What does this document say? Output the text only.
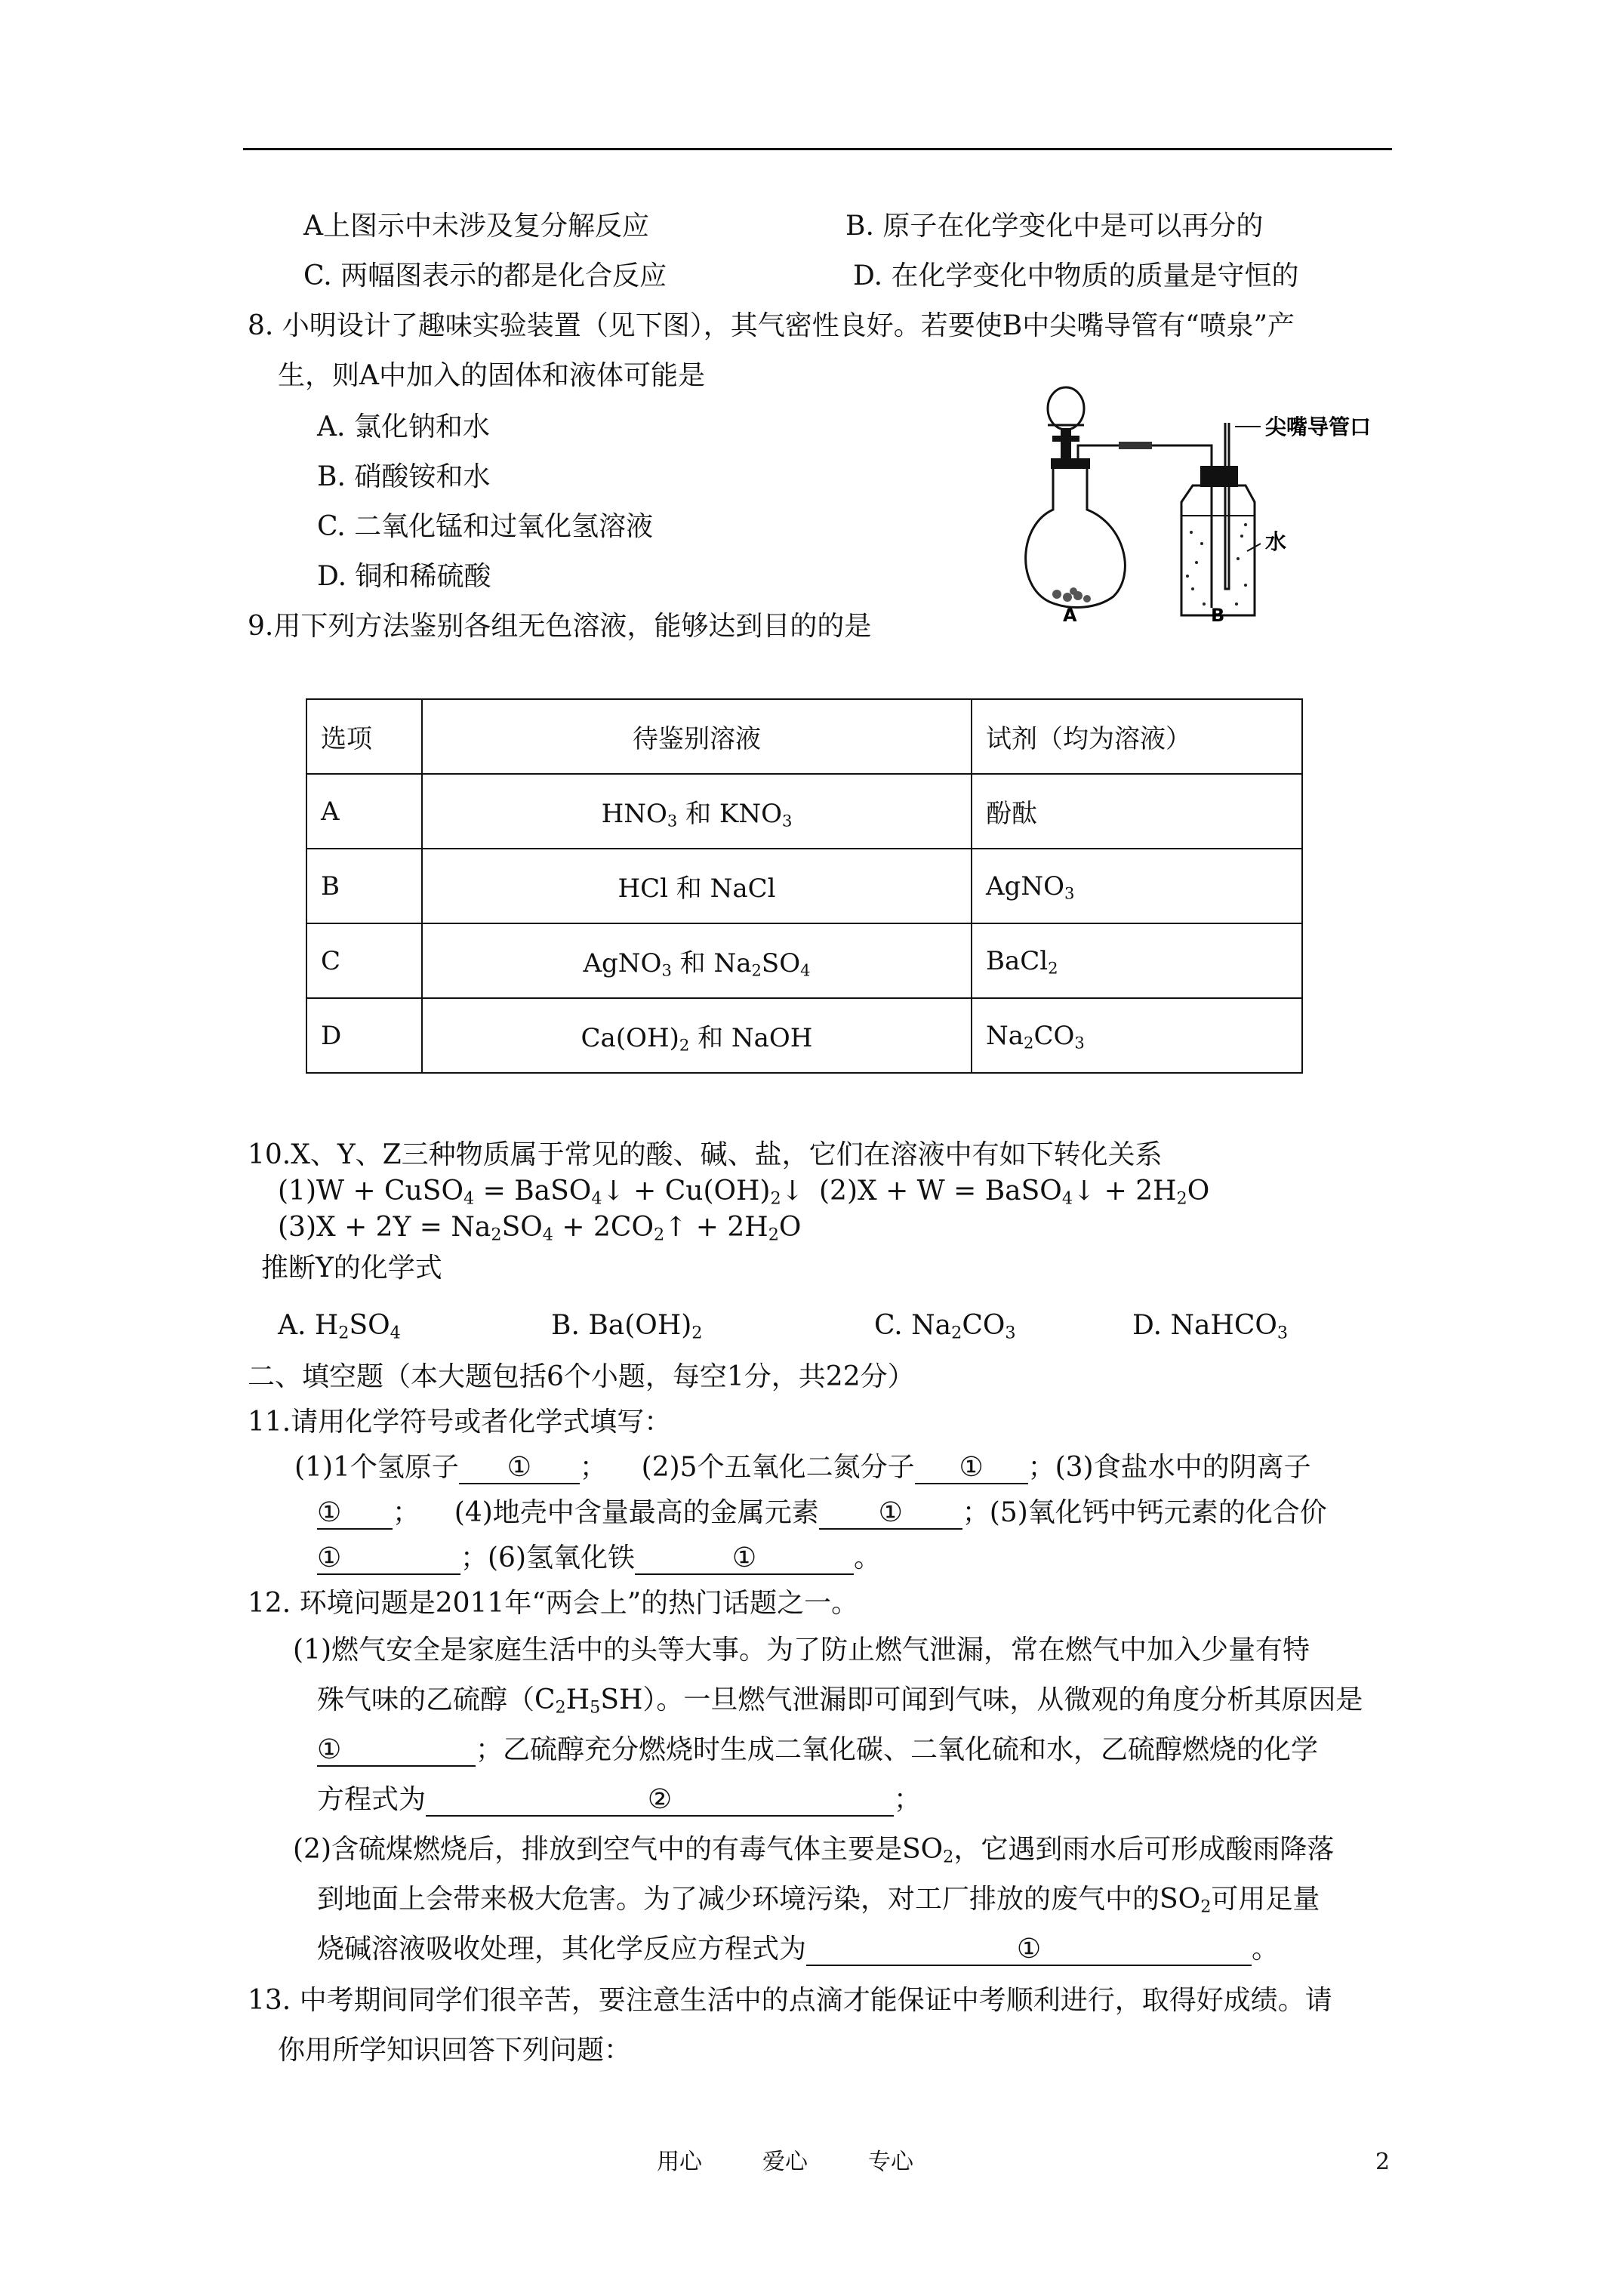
A上图示中未涉及复分解反应	B. 原子在化学变化中是可以再分的
C. 两幅图表示的都是化合反应	D. 在化学变化中物质的质量是守恒的
8. 小明设计了趣味实验装置（见下图），其气密性良好。若要使B中尖嘴导管有“喷泉”产
生，则A中加入的固体和液体可能是
A. 氯化钠和水
B. 硝酸铵和水
C. 二氧化锰和过氧化氢溶液
D. 铜和稀硫酸
尖嘴导管口
水
A	B
9.用下列方法鉴别各组无色溶液，能够达到目的的是
选项	待鉴别溶液	试剂（均为溶液）
A	$HNO_3$ 和 $KNO_3$	酚酞
B	HCl 和 NaCl	AgNO$_3$
C	AgNO$_3$ 和 $Na_2SO_4$	BaCl$_2$
D	$Ca(OH)_2$ 和 NaOH	$Na_2CO_3$
10.X、Y、Z三种物质属于常见的酸、碱、盐，它们在溶液中有如下转化关系
(1)W + CuSO$_4$ = BaSO$_4$↓ + $Cu(OH)_2↓$ (2)X + W = BaSO$_4$↓ + $2H_2O$
$(3)X + 2Y = Na_2SO_4$ + $2CO_2↑ + 2H_2O$
推断Y的化学式
A. $H_2SO_4$	B. $Ba(OH)_2$	C. $Na_2CO_3$	D. NaHCO$_3$
二、填空题（本大题包括6个小题，每空1分，共22分）
11.请用化学符号或者化学式填写：
(1)1个氢原子 ① ；    (2)5个五氧化二氮分子 ① ；(3)食盐水中的阴离子
① ；    (4)地壳中含量最高的金属元素 ① ；(5)氧化钙中钙元素的化合价
①	；(6)氢氧化铁	①	。
12. 环境问题是2011年“两会上”的热门话题之一。
(1)燃气安全是家庭生活中的头等大事。为了防止燃气泄漏，常在燃气中加入少量有特
殊气味的乙硫醇$(C_2H_5SH)$。一旦燃气泄漏即可闻到气味，从微观的角度分析其原因是
①	；乙硫醇充分燃烧时生成二氧化碳、二氧化硫和水，乙硫醇燃烧的化学
方程式为	②	；
(2)含硫煤燃烧后，排放到空气中的有毒气体主要是$SO_2$，它遇到雨水后可形成酸雨降落
到地面上会带来极大危害。为了减少环境污染，对工厂排放的废气中的$SO_2$可用足量
烧碱溶液吸收处理，其化学反应方程式为	①	。
13. 中考期间同学们很辛苦，要注意生活中的点滴才能保证中考顺利进行，取得好成绩。请
你用所学知识回答下列问题：
用心	爱心	专心	2
